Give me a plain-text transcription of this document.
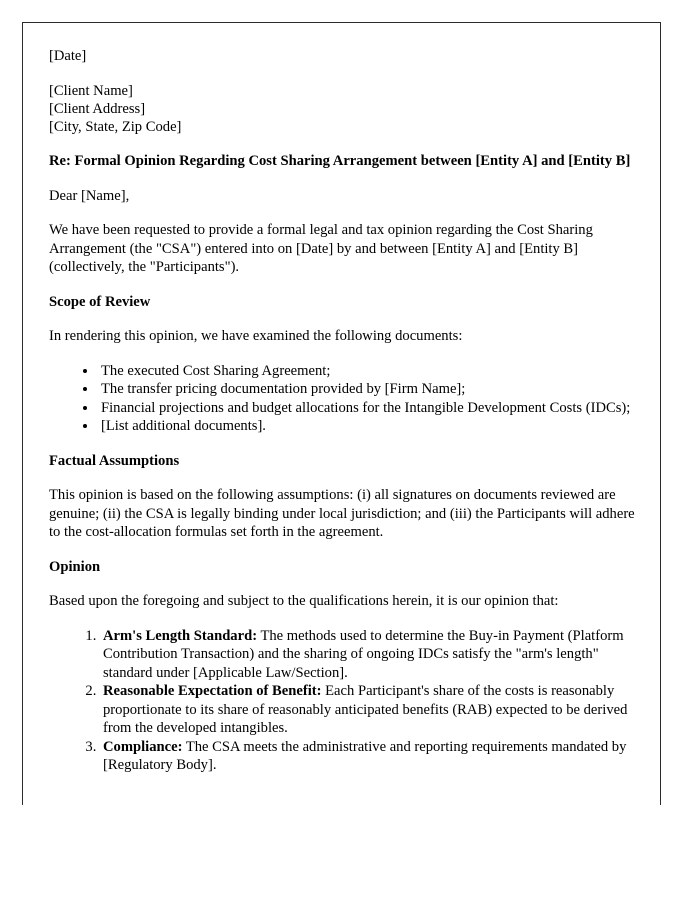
[Date]

[Client Name]

[Client Address]

[City, State, Zip Code]

Re: Formal Opinion Regarding Cost Sharing Arrangement between [Entity A] and [Entity B]

Dear [Name],

We have been requested to provide a formal legal and tax opinion regarding the Cost Sharing Arrangement (the "CSA") entered into on [Date] by and between [Entity A] and [Entity B] (collectively, the "Participants").

Scope of Review

In rendering this opinion, we have examined the following documents:

• The executed Cost Sharing Agreement;
• The transfer pricing documentation provided by [Firm Name];
• Financial projections and budget allocations for the Intangible Development Costs (IDCs);
• [List additional documents].
Factual Assumptions

This opinion is based on the following assumptions: (i) all signatures on documents reviewed are genuine; (ii) the CSA is legally binding under local jurisdiction; and (iii) the Participants will adhere to the cost-allocation formulas set forth in the agreement.

Opinion

Based upon the foregoing and subject to the qualifications herein, it is our opinion that:

1. Arm's Length Standard: The methods used to determine the Buy-in Payment (Platform Contribution Transaction) and the sharing of ongoing IDCs satisfy the "arm's length" standard under [Applicable Law/Section].
2. Reasonable Expectation of Benefit: Each Participant's share of the costs is reasonably proportionate to its share of reasonably anticipated benefits (RAB) expected to be derived from the developed intangibles.
3. Compliance: The CSA meets the administrative and reporting requirements mandated by [Regulatory Body].
